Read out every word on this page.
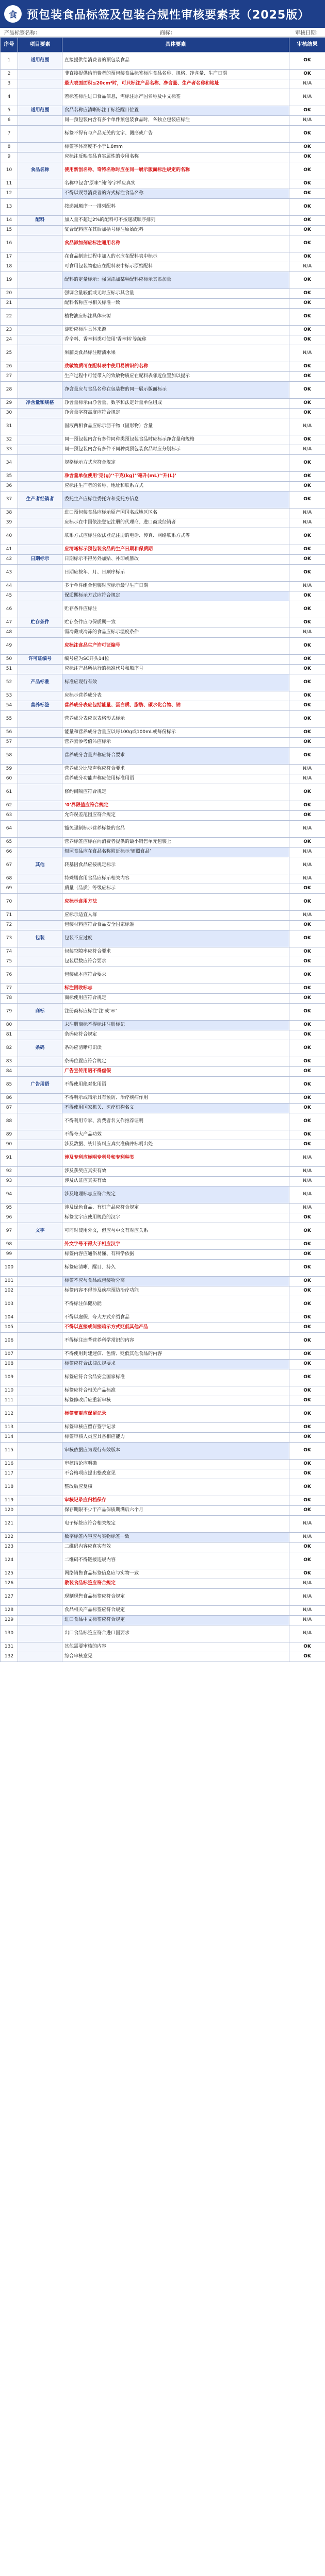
食 预包装食品标签及包装合规性审核要素表（2025版）
产品标签名称：	商标：	审核日期：
序号	项目要素	具体要素	审核结果
1	适用范围	直接提供给消费者的预包装食品	OK
2		非直接提供给消费者的预包装食品标签标注食品名称、规格、净含量、生产日期	OK
3		最大表面面积≤20cm²时，可只标注产品名称、净含量、生产者名称和地址	N/A
4		若标签标注进口食品信息，需标注原产国名称及中文标签	N/A
5	适用范围	食品名称应清晰标注于标签醒目位置	OK
6		同一预包装内含有多个单件预包装食品时，各独立包装应标注	N/A
7		标签不得有与产品无关的文字、图形或广告	OK
8		标签字体高度不小于1.8mm	OK
9		应标注反映食品真实属性的专用名称	OK
10	食品名称	使用新创名称、奇特名称时应在同一展示版面标注规定的名称	OK
11		名称中包含‘原味’‘纯’等字样应真实	OK
12		不得以误导消费者的方式标注食品名称	OK
13		按递减顺序一一排列配料	OK
14	配料	加入量不超过2%的配料可不按递减顺序排列	OK
15		复合配料应在其后加括号标注原始配料	OK
16		食品添加剂应标注通用名称	OK
17		在食品制造过程中加入的水应在配料表中标示	OK
18		可食用包装物也应在配料表中标示原始配料	N/A
19		配料的定量标示：强调添加某种配料应标示其添加量	OK
20		强调含量较低或无时应标示其含量	OK
21		配料名称应与相关标准一致	OK
22		植物油应标注具体来源	OK
23		淀粉应标注具体来源	OK
24		香辛料、香辛料类可使用‘香辛料’等统称	OK
25		果脯类食品标注糖渍水果	N/A
26		致敏物质可在配料表中使用易辨识的名称	OK
27		生产过程中可能带入的致敏物质应在配料表邻近位置加以提示	OK
28		净含量应与食品名称在包装物的同一展示版面标示	OK
29	净含量和规格	净含量标示由净含量、数字和法定计量单位组成	OK
30		净含量字符高度应符合规定	OK
31		固液两相食品应标示沥干物（固形物）含量	N/A
32		同一预包装内含有多件同种类预包装食品时应标示净含量和规格	OK
33		同一预包装内含有多件不同种类预包装食品时应分别标示	N/A
34		规格标示方式应符合规定	OK
35		净含量单位使用‘克(g)’‘千克(kg)’‘毫升(mL)’‘升(L)’	OK
36		应标注生产者的名称、地址和联系方式	OK
37	生产者经销者	委托生产应标注委托方和受托方信息	OK
38		进口预包装食品应标示原产国国名或地区区名	N/A
39		应标示在中国依法登记注册的代理商、进口商或经销者	N/A
40		联系方式应标注依法登记注册的电话、传真、网络联系方式等	OK
41		应清晰标示预包装食品的生产日期和保质期	OK
42	日期标示	日期标示不得另外加贴、补印或篡改	OK
43		日期应按年、月、日顺序标示	OK
44		多个单件组合包装时应标示最早生产日期	N/A
45		保质期标示方式应符合规定	OK
46		贮存条件应标注	OK
47	贮存条件	贮存条件应与保质期一致	OK
48		需冷藏或冷冻的食品应标示温度条件	N/A
49		应标注食品生产许可证编号	OK
50	许可证编号	编号应为SC开头14位	OK
51		应标注产品所执行的标准代号和顺序号	OK
52	产品标准	标准应现行有效	OK
53		应标示营养成分表	OK
54	营养标签	营养成分表应包括能量、蛋白质、脂肪、碳水化合物、钠	OK
55		营养成分表应以表格形式标示	OK
56		能量和营养成分含量应以每100g或100mL或每份标示	OK
57		营养素参考值％应标示	OK
58		营养成分含量声称应符合要求	OK
59		营养成分比较声称应符合要求	N/A
60		营养成分功能声称应使用标准用语	N/A
61		修约间隔应符合规定	OK
62		‘0’界限值应符合规定	OK
63		允许误差范围应符合规定	OK
64		豁免强制标示营养标签的食品	N/A
65		营养标签应标在向消费者提供的最小销售单元包装上	OK
66		辐照食品应在食品名称附近标示‘辐照食品’	N/A
67	其他	转基因食品应按规定标示	N/A
68		特殊膳食用食品应标示相关内容	N/A
69		质量（品质）等级应标示	OK
70		应标示食用方法	OK
71		应标示适宜人群	N/A
72		包装材料应符合食品安全国家标准	OK
73	包装	包装不应过度	OK
74		包装空隙率应符合要求	OK
75		包装层数应符合要求	OK
76		包装成本应符合要求	OK
77		标注回收标志	OK
78		商标使用应符合规定	OK
79	商标	注册商标应标注‘注’或‘®’	OK
80		未注册商标不得标注注册标记	OK
81		条码应符合规定	OK
82	条码	条码应清晰可识读	OK
83		条码位置应符合规定	OK
84		广告宣传用语不得虚假	OK
85	广告用语	不得使用绝对化用语	OK
86		不得明示或暗示具有预防、治疗疾病作用	OK
87		不得使用国家机关、医疗机构名义	OK
88		不得利用专家、消费者名义作推荐证明	OK
89		不得夸大产品功效	OK
90		涉及数据、统计资料应真实准确并标明出处	OK
91		涉及专利应标明专利号和专利种类	N/A
92		涉及获奖应真实有效	N/A
93		涉及认证应真实有效	N/A
94		涉及地理标志应符合规定	N/A
95		涉及绿色食品、有机产品应符合规定	N/A
96		标签文字应使用规范的汉字	OK
97	文字	可同时使用外文，但应与中文有对应关系	OK
98		外文字号不得大于相应汉字	OK
99		标签内容应通俗易懂、有科学依据	OK
100		标签应清晰、醒目、持久	OK
101		标签不应与食品或包装物分离	OK
102		标签内容不得涉及疾病预防治疗功能	OK
103		不得标注保健功能	OK
104		不得以虚假、夸大方式介绍食品	OK
105		不得以直接或间接暗示方式贬低其他产品	OK
106		不得标注违背营养科学常识的内容	OK
107		不得使用封建迷信、色情、贬低其他食品的内容	OK
108		标签应符合法律法规要求	OK
109		标签应符合食品安全国家标准	OK
110		标签应符合相关产品标准	OK
111		标签修改后应重新审核	OK
112		标签变更应保留记录	OK
113		标签审核应留存签字记录	OK
114		标签审核人员应具备相应能力	OK
115		审核依据应为现行有效版本	OK
116		审核结论应明确	OK
117		不合格项应提出整改意见	OK
118		整改后应复核	OK
119		审核记录应归档保存	OK
120		保存期限不少于产品保质期满后六个月	OK
121		电子标签应符合相关规定	N/A
122		数字标签内容应与实物标签一致	N/A
123		二维码内容应真实有效	OK
124		二维码不得链接违规内容	OK
125		网络销售食品标签信息应与实物一致	OK
126		散装食品标签应符合规定	N/A
127		现制现售食品标签应符合规定	N/A
128		食品相关产品标签应符合规定	N/A
129		进口食品中文标签应符合规定	N/A
130		出口食品标签应符合进口国要求	N/A
131		其他需要审核的内容	OK
132		综合审核意见	OK
